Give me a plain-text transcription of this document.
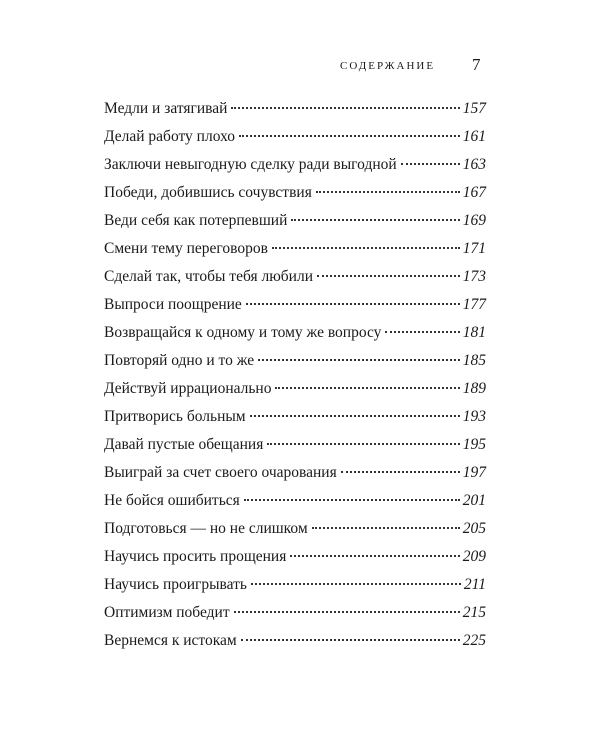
СОДЕРЖАНИЕ 7
Медли и затягивай	157
Делай работу плохо	161
Заключи невыгодную сделку ради выгодной	163
Победи, добившись сочувствия	167
Веди себя как потерпевший	169
Смени тему переговоров	171
Сделай так, чтобы тебя любили	173
Выпроси поощрение	177
Возвращайся к одному и тому же вопросу	181
Повторяй одно и то же	185
Действуй иррационально	189
Притворись больным	193
Давай пустые обещания	195
Выиграй за счет своего очарования	197
Не бойся ошибиться	201
Подготовься — но не слишком	205
Научись просить прощения	209
Научись проигрывать	211
Оптимизм победит	215
Вернемся к истокам	225
